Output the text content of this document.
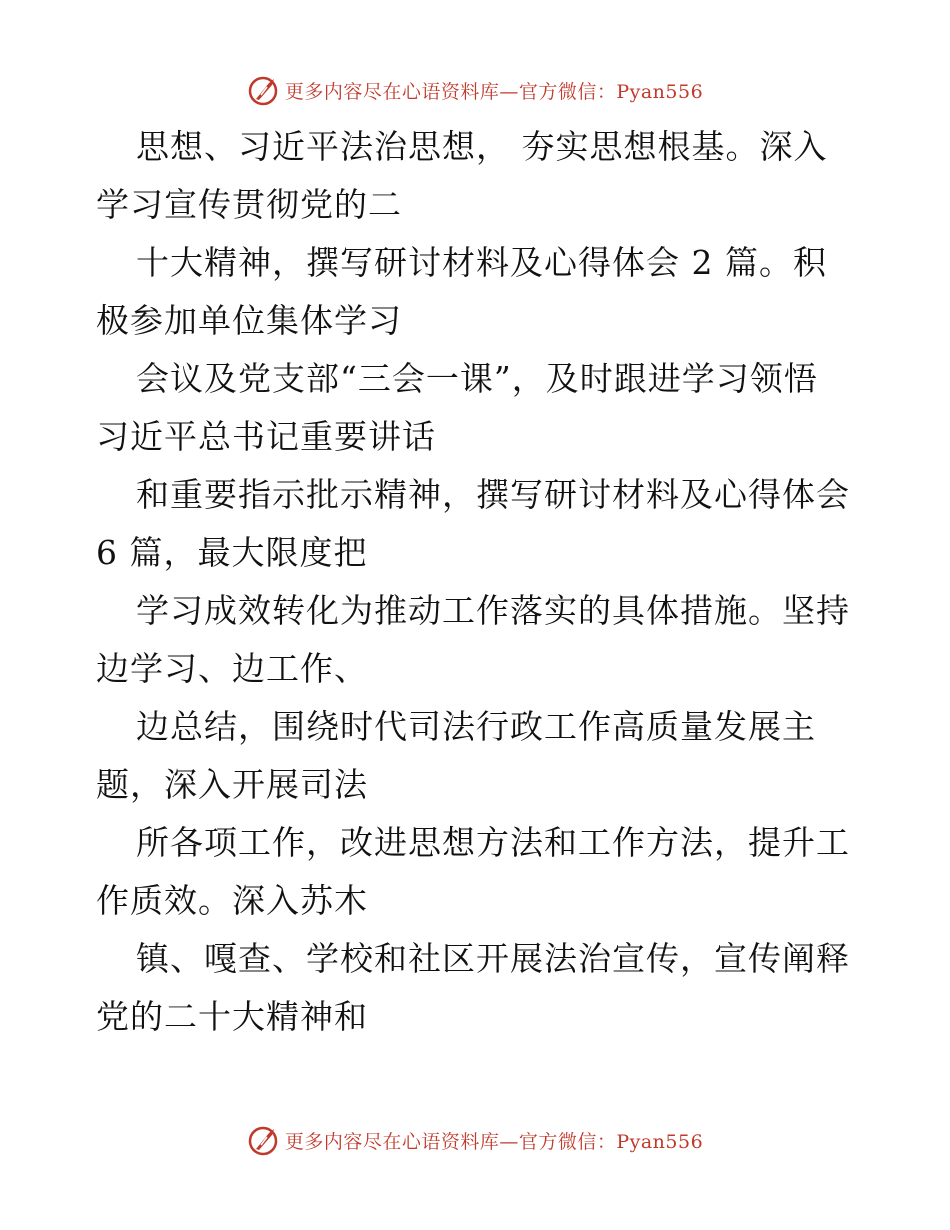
更多内容尽在心语资料库—官方微信：Pyan556
思想、习近平法治思想， 夯实思想根基。深入
学习宣传贯彻党的二
十大精神，撰写研讨材料及心得体会 2 篇。积
极参加单位集体学习
会议及党支部“三会一课”，及时跟进学习领悟
习近平总书记重要讲话
和重要指示批示精神，撰写研讨材料及心得体会
6 篇，最大限度把
学习成效转化为推动工作落实的具体措施。坚持
边学习、边工作、
边总结，围绕时代司法行政工作高质量发展主
题，深入开展司法
所各项工作，改进思想方法和工作方法，提升工
作质效。深入苏木
镇、嘎查、学校和社区开展法治宣传，宣传阐释
党的二十大精神和
更多内容尽在心语资料库—官方微信：Pyan556
